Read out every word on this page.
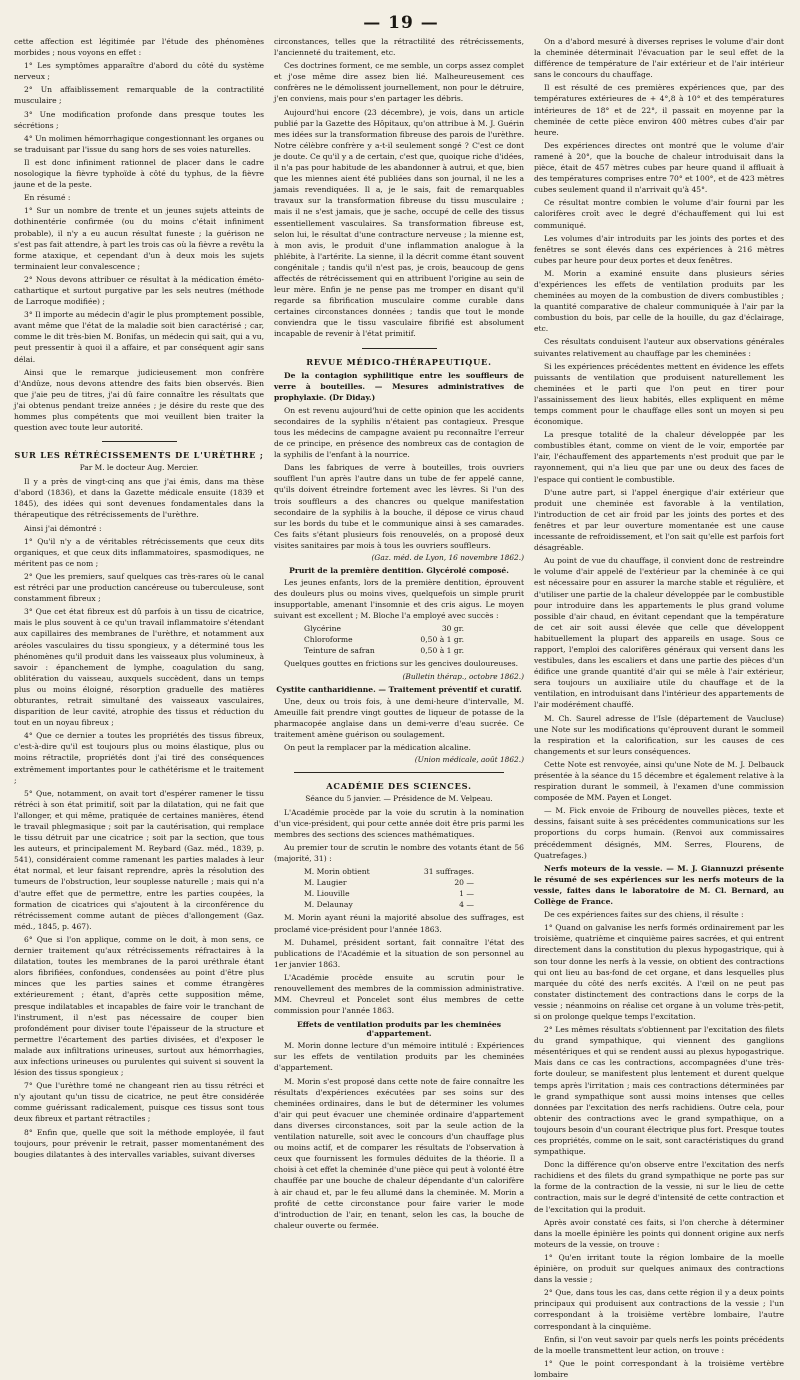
— 19 —

cette affection est légitimée par l'étude des phénomènes morbides ; nous voyons en effet :

1° Les symptômes apparaître d'abord du côté du système nerveux ;

2° Un affaiblissement remarquable de la contractilité musculaire ;

3° Une modification profonde dans presque toutes les sécrétions ;

4° Un molimen hémorrhagique congestionnant les organes ou se traduisant par l'issue du sang hors de ses voies naturelles.

Il est donc infiniment rationnel de placer dans le cadre nosologique la fièvre typhoïde à côté du typhus, de la fièvre jaune et de la peste.

En résumé :

1° Sur un nombre de trente et un jeunes sujets atteints de dothinentérie confirmée (ou du moins c'était infiniment probable), il n'y a eu aucun résultat funeste ; la guérison ne s'est pas fait attendre, à part les trois cas où la fièvre a revêtu la forme ataxique, et cependant d'un à deux mois les sujets terminaient leur convalescence ;

2° Nous devons attribuer ce résultat à la médication éméto-cathartique et surtout purgative par les sels neutres (méthode de Larroque modifiée) ;

3° Il importe au médecin d'agir le plus promptement possible, avant même que l'état de la maladie soit bien caractérisé ; car, comme le dit très-bien M. Bonifas, un médecin qui sait, qui a vu, peut pressentir à quoi il a affaire, et par conséquent agir sans délai.

Ainsi que le remarque judicieusement mon confrère d'Andûze, nous devons attendre des faits bien observés. Bien que j'aie peu de titres, j'ai dû faire connaître les résultats que j'ai obtenus pendant treize années ; je désire du reste que des hommes plus compétents que moi veuillent bien traiter la question avec toute leur autorité.

SUR LES RÉTRÉCISSEMENTS DE L'URÈTHRE ;
Par M. le docteur Aug. Mercier.

Il y a près de vingt-cinq ans que j'ai émis, dans ma thèse d'abord (1836), et dans la Gazette médicale ensuite (1839 et 1845), des idées qui sont devenues fondamentales dans la thérapeutique des rétrécissements de l'urèthre.

Ainsi j'ai démontré :

1° Qu'il n'y a de véritables rétrécissements que ceux dits organiques, et que ceux dits inflammatoires, spasmodiques, ne méritent pas ce nom ;

2° Que les premiers, sauf quelques cas très-rares où le canal est rétréci par une production cancéreuse ou tuberculeuse, sont constamment fibreux ;

3° Que cet état fibreux est dû parfois à un tissu de cicatrice, mais le plus souvent à ce qu'un travail inflammatoire s'étendant aux capillaires des membranes de l'urèthre, et notamment aux aréoles vasculaires du tissu spongieux, y a déterminé tous les phénomènes qu'il produit dans les vaisseaux plus volumineux, à savoir : épanchement de lymphe, coagulation du sang, oblitération du vaisseau, auxquels succèdent, dans un temps plus ou moins éloigné, résorption graduelle des matières obturantes, retrait simultané des vaisseaux vasculaires, disparition de leur cavité, atrophie des tissus et réduction du tout en un noyau fibreux ;

4° Que ce dernier a toutes les propriétés des tissus fibreux, c'est-à-dire qu'il est toujours plus ou moins élastique, plus ou moins rétractile, propriétés dont j'ai tiré des conséquences extrêmement importantes pour le cathétérisme et le traitement ;

5° Que, notamment, on avait tort d'espérer ramener le tissu rétréci à son état primitif, soit par la dilatation, qui ne fait que l'allonger, et qui même, pratiquée de certaines manières, étend le travail phlegmasique ; soit par la cautérisation, qui remplace le tissu détruit par une cicatrice ; soit par la section, que tous les auteurs, et principalement M. Reybard (Gaz. méd., 1839, p. 541), considéraient comme ramenant les parties malades à leur état normal, et leur faisant reprendre, après la résolution des tumeurs de l'obstruction, leur souplesse naturelle ; mais qui n'a d'autre effet que de permettre, entre les parties coupées, la formation de cicatrices qui s'ajoutent à la circonférence du rétrécissement comme autant de pièces d'allongement (Gaz. méd., 1845, p. 467).

6° Que si l'on applique, comme on le doit, à mon sens, ce dernier traitement qu'aux rétrécissements réfractaires à la dilatation, toutes les membranes de la paroi uréthrale étant alors fibrifiées, confondues, condensées au point d'être plus minces que les parties saines et comme étrangères extérieurement ; étant, d'après cette supposition même, presque indilatables et incapables de faire voir le tranchant de l'instrument, il n'est pas nécessaire de couper bien profondément pour diviser toute l'épaisseur de la structure et permettre l'écartement des parties divisées, et d'exposer le malade aux infiltrations urineuses, surtout aux hémorrhagies, aux infections urineuses ou purulentes qui suivent si souvent la lésion des tissus spongieux ;

7° Que l'urèthre tomé ne changeant rien au tissu rétréci et n'y ajoutant qu'un tissu de cicatrice, ne peut être considérée comme guérissant radicalement, puisque ces tissus sont tous deux fibreux et partant rétractiles ;

8° Enfin que, quelle que soit la méthode employée, il faut toujours, pour prévenir le retrait, passer momentanément des bougies dilatantes à des intervalles variables, suivant diverses

circonstances, telles que la rétractilité des rétrécissements, l'ancienneté du traitement, etc.

Ces doctrines forment, ce me semble, un corps assez complet et j'ose même dire assez bien lié. Malheureusement ces confrères ne le démolissent journellement, non pour le détruire, j'en conviens, mais pour s'en partager les débris.

Aujourd'hui encore (23 décembre), je vois, dans un article publié par la Gazette des Hôpitaux, qu'on attribue à M. J. Guérin mes idées sur la transformation fibreuse des parois de l'urèthre. Notre célèbre confrère y a-t-il seulement songé ? C'est ce dont je doute. Ce qu'il y a de certain, c'est que, quoique riche d'idées, il n'a pas pour habitude de les abandonner à autrui, et que, bien que les miennes aient été publiées dans son journal, il ne les a jamais revendiquées. Il a, je le sais, fait de remarquables travaux sur la transformation fibreuse du tissu musculaire ; mais il ne s'est jamais, que je sache, occupé de celle des tissus essentiellement vasculaires. Sa transformation fibreuse est, selon lui, le résultat d'une contracture nerveuse ; la mienne est, à mon avis, le produit d'une inflammation analogue à la phlébite, à l'artérite. La sienne, il la décrit comme étant souvent congénitale ; tandis qu'il n'est pas, je crois, beaucoup de gens affectés de rétrécissement qui en attribuent l'origine au sein de leur mère. Enfin je ne pense pas me tromper en disant qu'il regarde sa fibrification musculaire comme curable dans certaines circonstances données ; tandis que tout le monde conviendra que le tissu vasculaire fibrifié est absolument incapable de revenir à l'état primitif.

REVUE MÉDICO-THÉRAPEUTIQUE.

De la contagion syphilitique entre les souffleurs de verre à bouteilles. — Mesures administratives de prophylaxie. (Dr Diday.)

On est revenu aujourd'hui de cette opinion que les accidents secondaires de la syphilis n'étaient pas contagieux. Presque tous les médecins de campagne avaient pu reconnaître l'erreur de ce principe, en présence des nombreux cas de contagion de la syphilis de l'enfant à la nourrice.

Dans les fabriques de verre à bouteilles, trois ouvriers soufflent l'un après l'autre dans un tube de fer appelé canne, qu'ils doivent étreindre fortement avec les lèvres. Si l'un des trois souffleurs a des chancres ou quelque manifestation secondaire de la syphilis à la bouche, il dépose ce virus chaud sur les bords du tube et le communique ainsi à ses camarades. Ces faits s'étant plusieurs fois renouvelés, on a proposé deux visites sanitaires par mois à tous les ouvriers souffleurs.

(Gaz. méd. de Lyon, 16 novembre 1862.)
Prurit de la première dentition. Glycérolé composé.

Les jeunes enfants, lors de la première dentition, éprouvent des douleurs plus ou moins vives, quelquefois un simple prurit insupportable, amenant l'insomnie et des cris aigus. Le moyen suivant est excellent ; M. Bloche l'a employé avec succès :

Glycérine	30 gr.
Chloroforme	0,50 à 1 gr.
Teinture de safran	0,50 à 1 gr.

Quelques gouttes en frictions sur les gencives douloureuses.

(Bulletin thérap., octobre 1862.)
Cystite cantharidienne. — Traitement préventif et curatif.

Une, deux ou trois fois, à une demi-heure d'intervalle, M. Ameuille fait prendre vingt gouttes de liqueur de potasse de la pharmacopée anglaise dans un demi-verre d'eau sucrée. Ce traitement amène guérison ou soulagement.

On peut la remplacer par la médication alcaline.

(Union médicale, août 1862.)
ACADÉMIE DES SCIENCES.
Séance du 5 janvier. — Présidence de M. Velpeau.

L'Académie procède par la voie du scrutin à la nomination d'un vice-président, qui pour cette année doit être pris parmi les membres des sections des sciences mathématiques.

Au premier tour de scrutin le nombre des votants étant de 56 (majorité, 31) :

M. Morin obtient	31 suffrages.
M. Laugier	20 —
M. Liouville	1 —
M. Delaunay	4 —

M. Morin ayant réuni la majorité absolue des suffrages, est proclamé vice-président pour l'année 1863.

M. Duhamel, président sortant, fait connaître l'état des publications de l'Académie et la situation de son personnel au 1er janvier 1863.

L'Académie procède ensuite au scrutin pour le renouvellement des membres de la commission administrative. MM. Chevreul et Poncelet sont élus membres de cette commission pour l'année 1863.

Effets de ventilation produits par les cheminées d'appartement.

M. Morin donne lecture d'un mémoire intitulé : Expériences sur les effets de ventilation produits par les cheminées d'appartement.

M. Morin s'est proposé dans cette note de faire connaître les résultats d'expériences exécutées par ses soins sur des cheminées ordinaires, dans le but de déterminer les volumes d'air qui peut évacuer une cheminée ordinaire d'appartement dans diverses circonstances, soit par la seule action de la ventilation naturelle, soit avec le concours d'un chauffage plus ou moins actif, et de comparer les résultats de l'observation à ceux que fournissent les formules déduites de la théorie. Il a choisi à cet effet la cheminée d'une pièce qui peut à volonté être chauffée par une bouche de chaleur dépendante d'un calorifère à air chaud et, par le feu allumé dans la cheminée. M. Morin a profité de cette circonstance pour faire varier le mode d'introduction de l'air, en tenant, selon les cas, la bouche de chaleur ouverte ou fermée.

On a d'abord mesuré à diverses reprises le volume d'air dont la cheminée déterminait l'évacuation par le seul effet de la différence de température de l'air extérieur et de l'air intérieur sans le concours du chauffage.

Il est résulté de ces premières expériences que, par des températures extérieures de + 4°,8 à 10° et des températures intérieures de 18° et de 22°, il passait en moyenne par la cheminée de cette pièce environ 400 mètres cubes d'air par heure.

Des expériences directes ont montré que le volume d'air ramené à 20°, que la bouche de chaleur introduisait dans la pièce, était de 457 mètres cubes par heure quand il affluait à des températures comprises entre 70° et 100°, et de 423 mètres cubes seulement quand il n'arrivait qu'à 45°.

Ce résultat montre combien le volume d'air fourni par les calorifères croît avec le degré d'échauffement qui lui est communiqué.

Les volumes d'air introduits par les joints des portes et des fenêtres se sont élevés dans ces expériences à 216 mètres cubes par heure pour deux portes et deux fenêtres.

M. Morin a examiné ensuite dans plusieurs séries d'expériences les effets de ventilation produits par les cheminées au moyen de la combustion de divers combustibles ; la quantité comparative de chaleur communiquée à l'air par la combustion du bois, par celle de la houille, du gaz d'éclairage, etc.

Ces résultats conduisent l'auteur aux observations générales suivantes relativement au chauffage par les cheminées :

Si les expériences précédentes mettent en évidence les effets puissants de ventilation que produisent naturellement les cheminées et le parti que l'on peut en tirer pour l'assainissement des lieux habités, elles expliquent en même temps comment pour le chauffage elles sont un moyen si peu économique.

La presque totalité de la chaleur développée par les combustibles étant, comme on vient de le voir, emportée par l'air, l'échauffement des appartements n'est produit que par le rayonnement, qui n'a lieu que par une ou deux des faces de l'espace qui contient le combustible.

D'une autre part, si l'appel énergique d'air extérieur que produit une cheminée est favorable à la ventilation, l'introduction de cet air froid par les joints des portes et des fenêtres et par leur ouverture momentanée est une cause incessante de refroidissement, et l'on sait qu'elle est parfois fort désagréable.

Au point de vue du chauffage, il convient donc de restreindre le volume d'air appelé de l'extérieur par la cheminée à ce qui est nécessaire pour en assurer la marche stable et régulière, et d'utiliser une partie de la chaleur développée par le combustible pour introduire dans les appartements le plus grand volume possible d'air chaud, en évitant cependant que la température de cet air soit aussi élevée que celle que développent habituellement la plupart des appareils en usage. Sous ce rapport, l'emploi des calorifères généraux qui versent dans les vestibules, dans les escaliers et dans une partie des pièces d'un édifice une grande quantité d'air qui se mêle à l'air extérieur, sera toujours un auxiliaire utile du chauffage et de la ventilation, en introduisant dans l'intérieur des appartements de l'air modérément chauffé.

M. Ch. Saurel adresse de l'Isle (département de Vaucluse) une Note sur les modifications qu'éprouvent durant le sommeil la respiration et la calorification, sur les causes de ces changements et sur leurs conséquences.

Cette Note est renvoyée, ainsi qu'une Note de M. J. Delbauck présentée à la séance du 15 décembre et également relative à la respiration durant le sommeil, à l'examen d'une commission composée de MM. Payen et Longet.

— M. Fick envoie de Fribourg de nouvelles pièces, texte et dessins, faisant suite à ses précédentes communications sur les proportions du corps humain. (Renvoi aux commissaires précédemment désignés, MM. Serres, Flourens, de Quatrefages.)

Nerfs moteurs de la vessie. — M. J. Giannuzzi présente le résumé de ses expériences sur les nerfs moteurs de la vessie, faites dans le laboratoire de M. Cl. Bernard, au Collège de France.

De ces expériences faites sur des chiens, il résulte :

1° Quand on galvanise les nerfs formés ordinairement par les troisième, quatrième et cinquième paires sacrées, et qui entrent directement dans la constitution du plexus hypogastrique, qui à son tour donne les nerfs à la vessie, on obtient des contractions qui ont lieu au bas-fond de cet organe, et dans lesquelles plus marquée du côté des nerfs excités. A l'œil on ne peut pas constater distinctement des contractions dans le corps de la vessie ; néanmoins on réalise cet organe à un volume très-petit, si on prolonge quelque temps l'excitation.

2° Les mêmes résultats s'obtiennent par l'excitation des filets du grand sympathique, qui viennent des ganglions mésentériques et qui se rendent aussi au plexus hypogastrique. Mais dans ce cas les contractions, accompagnées d'une très-forte douleur, se manifestent plus lentement et durent quelque temps après l'irritation ; mais ces contractions déterminées par le grand sympathique sont aussi moins intenses que celles données par l'excitation des nerfs rachidiens. Outre cela, pour obtenir des contractions avec le grand sympathique, on a toujours besoin d'un courant électrique plus fort. Presque toutes ces propriétés, comme on le sait, sont caractéristiques du grand sympathique.

Donc la différence qu'on observe entre l'excitation des nerfs rachidiens et des filets du grand sympathique ne porte pas sur la forme de la contraction de la vessie, ni sur le lieu de cette contraction, mais sur le degré d'intensité de cette contraction et de l'excitation qui la produit.

Après avoir constaté ces faits, si l'on cherche à déterminer dans la moelle épinière les points qui donnent origine aux nerfs moteurs de la vessie, on trouve :

1° Qu'en irritant toute la région lombaire de la moelle épinière, on produit sur quelques animaux des contractions dans la vessie ;

2° Que, dans tous les cas, dans cette région il y a deux points principaux qui produisent aux contractions de la vessie ; l'un correspondant à la troisième vertèbre lombaire, l'autre correspondant à la cinquième.

Enfin, si l'on veut savoir par quels nerfs les points précédents de la moelle transmettent leur action, on trouve :

1° Que le point correspondant à la troisième vertèbre lombaire
